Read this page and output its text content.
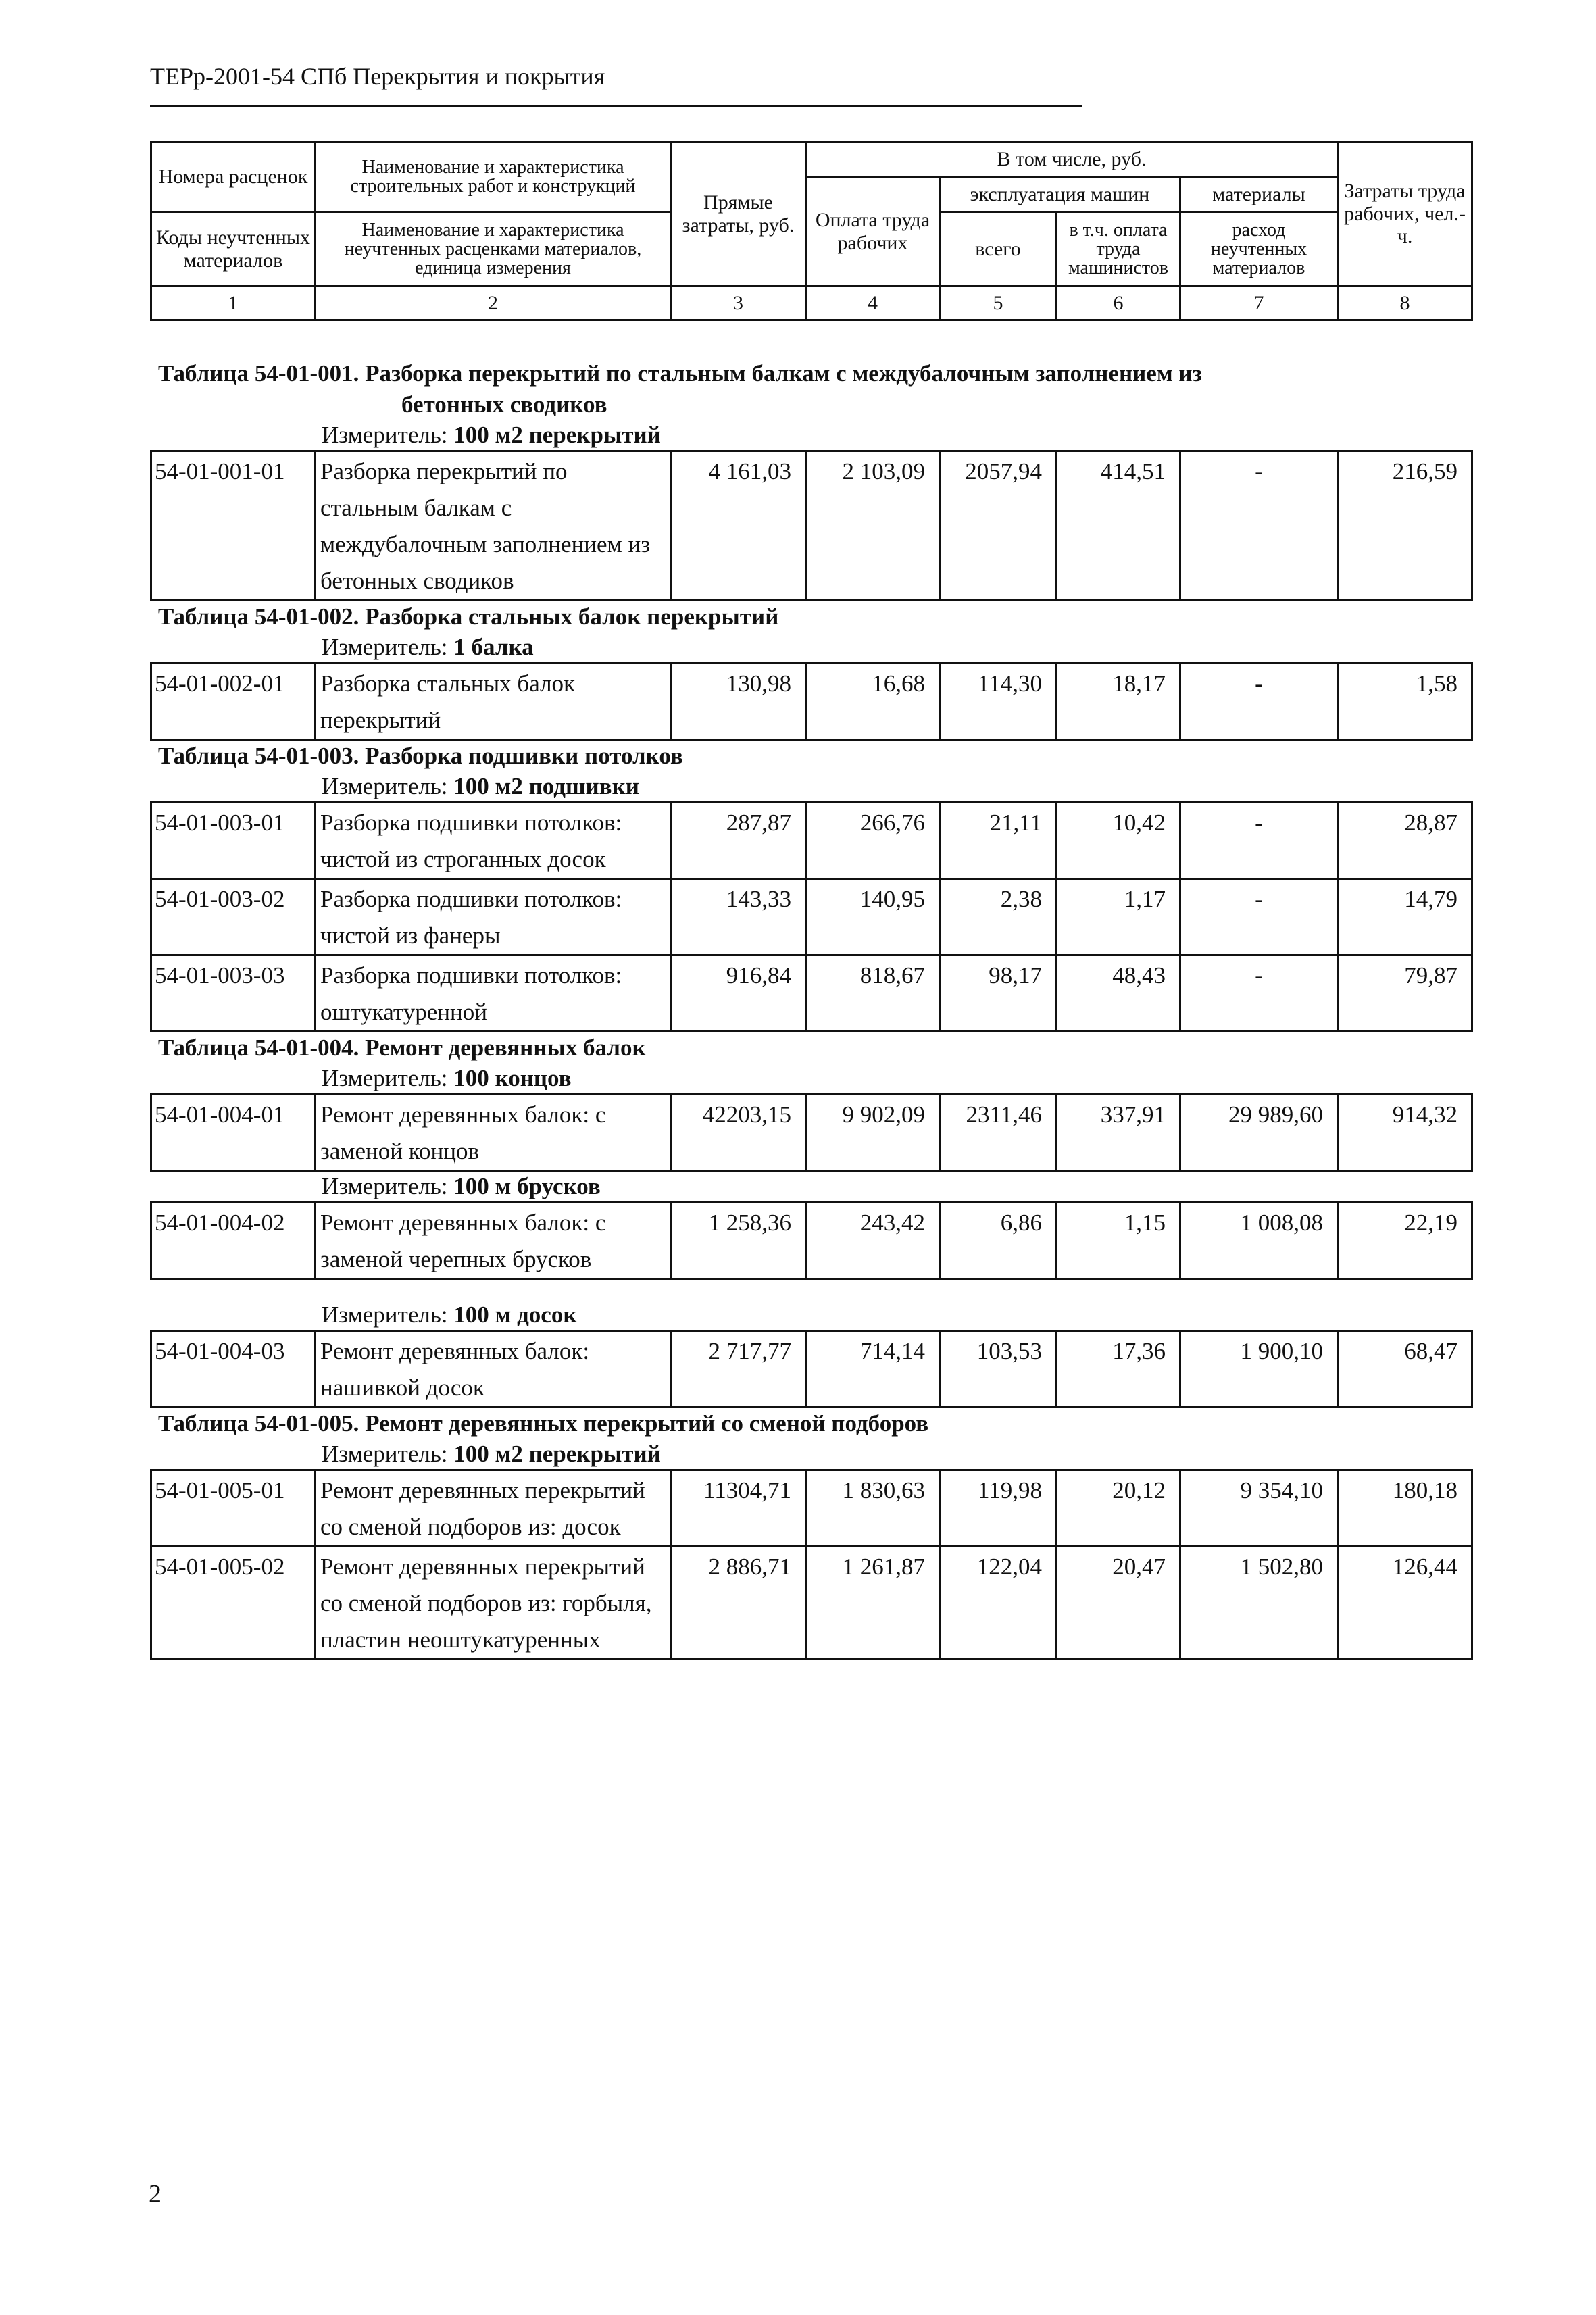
ТЕРр-2001-54 СПб Перекрытия и покрытия
Номера расценок	Наименование и характеристика строительных работ и конструкций	Прямые затраты, руб.	В том числе, руб.				Затраты труда рабочих, чел.-ч.
			Оплата труда рабочих	эксплуатация машин		материалы	
Коды неучтенных материалов	Наименование и характеристика неучтенных расценками материалов, единица измерения			всего	в т.ч. оплата труда машинистов	расход неучтенных материалов	

1	2	3	4	5	6	7	8
Таблица 54-01-001. Разборка перекрытий по стальным балкам с междубалочным заполнением из
бетонных сводиков
Измеритель: 100 м2 перекрытий
54-01-001-01	Разборка перекрытий по стальным балкам с междубалочным заполнением из бетонных сводиков	4 161,03	2 103,09	2057,94	414,51	-	216,59
Таблица 54-01-002. Разборка стальных балок перекрытий
Измеритель: 1 балка
54-01-002-01	Разборка стальных балок перекрытий	130,98	16,68	114,30	18,17	-	1,58
Таблица 54-01-003. Разборка подшивки потолков
Измеритель: 100 м2 подшивки
54-01-003-01	Разборка подшивки потолков: чистой из строганных досок	287,87	266,76	21,11	10,42	-	28,87
54-01-003-02	Разборка подшивки потолков: чистой из фанеры	143,33	140,95	2,38	1,17	-	14,79
54-01-003-03	Разборка подшивки потолков: оштукатуренной	916,84	818,67	98,17	48,43	-	79,87
Таблица 54-01-004. Ремонт деревянных балок
Измеритель: 100 концов
54-01-004-01	Ремонт деревянных балок: с заменой концов	42203,15	9 902,09	2311,46	337,91	29 989,60	914,32
Измеритель: 100 м брусков
54-01-004-02	Ремонт деревянных балок: с заменой черепных брусков	1 258,36	243,42	6,86	1,15	1 008,08	22,19
Измеритель: 100 м досок
54-01-004-03	Ремонт деревянных балок: нашивкой досок	2 717,77	714,14	103,53	17,36	1 900,10	68,47
Таблица 54-01-005. Ремонт деревянных перекрытий со сменой подборов
Измеритель: 100 м2 перекрытий
54-01-005-01	Ремонт деревянных перекрытий со сменой подборов из: досок	11304,71	1 830,63	119,98	20,12	9 354,10	180,18
54-01-005-02	Ремонт деревянных перекрытий со сменой подборов из: горбыля, пластин неоштукатуренных	2 886,71	1 261,87	122,04	20,47	1 502,80	126,44
2
